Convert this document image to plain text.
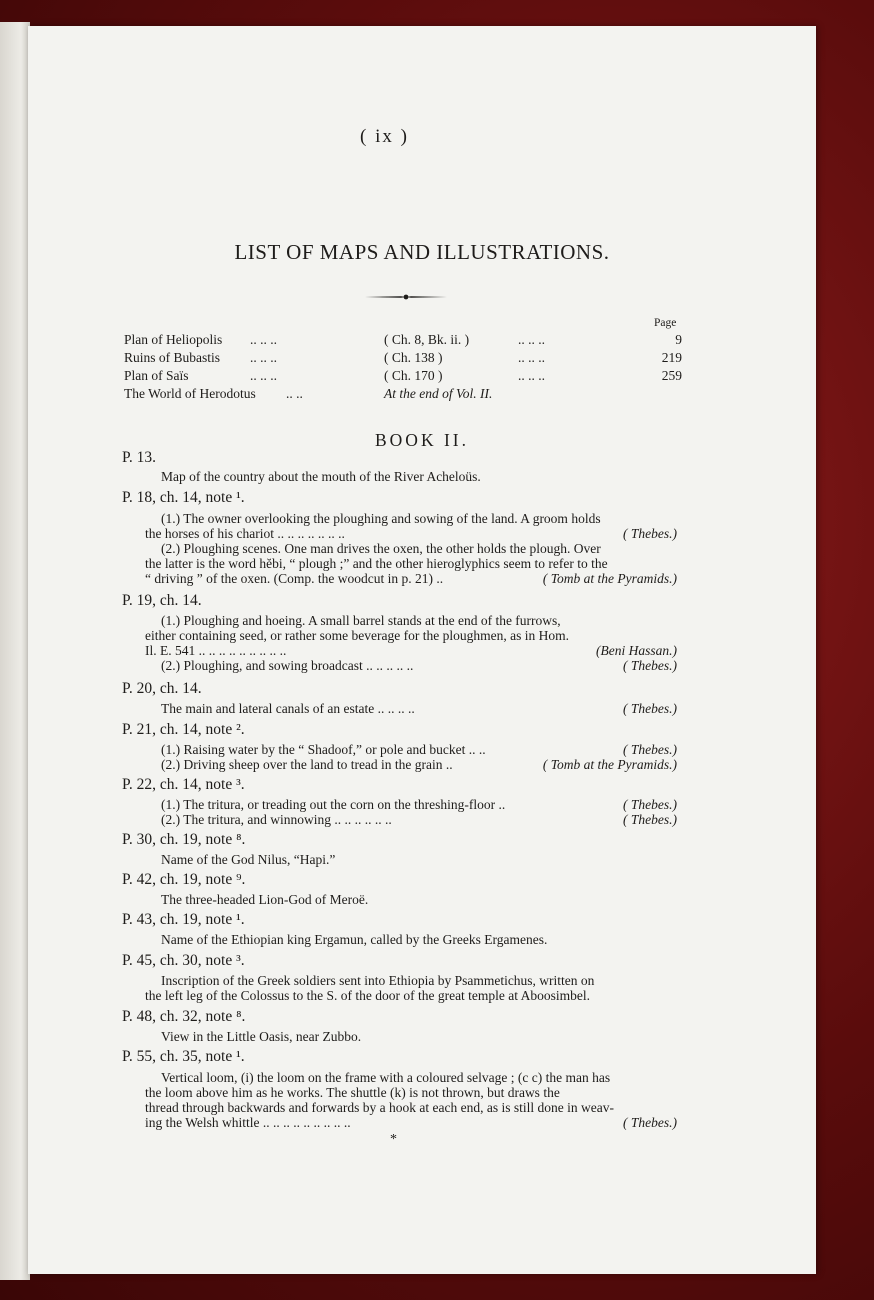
( ix )
LIST OF MAPS AND ILLUSTRATIONS.
Page
Plan of Heliopolis .. .. ..	( Ch. 8, Bk. ii. )	.. .. ..	9
Ruins of Bubastis .. .. ..	( Ch. 138 )	.. .. ..	219
Plan of Saïs	.. .. ..	( Ch. 170 )	.. .. ..	259
The World of Herodotus .. ..	At the end of Vol. II.
BOOK II.
P. 13.
Map of the country about the mouth of the River Acheloüs.
P. 18, ch. 14, note ¹.
(1.) The owner overlooking the ploughing and sowing of the land. A groom holds
the horses of his chariot .. .. .. .. .. .. ..	( Thebes.)
(2.) Ploughing scenes. One man drives the oxen, the other holds the plough. Over
the latter is the word hĕbi, “ plough ;” and the other hieroglyphics seem to refer to the
“ driving ” of the oxen. (Comp. the woodcut in p. 21) ..	( Tomb at the Pyramids.)
P. 19, ch. 14.
(1.) Ploughing and hoeing. A small barrel stands at the end of the furrows,
either containing seed, or rather some beverage for the ploughmen, as in Hom.
Il. E. 541 .. .. .. .. .. .. .. .. ..	(Beni Hassan.)
(2.) Ploughing, and sowing broadcast .. .. .. .. ..	( Thebes.)
P. 20, ch. 14.
The main and lateral canals of an estate .. .. .. ..	( Thebes.)
P. 21, ch. 14, note ².
(1.) Raising water by the “ Shadoof,” or pole and bucket .. ..	( Thebes.)
(2.) Driving sheep over the land to tread in the grain ..	( Tomb at the Pyramids.)
P. 22, ch. 14, note ³.
(1.) The tritura, or treading out the corn on the threshing-floor ..	( Thebes.)
(2.) The tritura, and winnowing .. .. .. .. .. ..	( Thebes.)
P. 30, ch. 19, note ⁸.
Name of the God Nilus, “Hapi.”
P. 42, ch. 19, note ⁹.
The three-headed Lion-God of Meroë.
P. 43, ch. 19, note ¹.
Name of the Ethiopian king Ergamun, called by the Greeks Ergamenes.
P. 45, ch. 30, note ³.
Inscription of the Greek soldiers sent into Ethiopia by Psammetichus, written on
the left leg of the Colossus to the S. of the door of the great temple at Aboosimbel.
P. 48, ch. 32, note ⁸.
View in the Little Oasis, near Zubbo.
P. 55, ch. 35, note ¹.
Vertical loom, (i) the loom on the frame with a coloured selvage ; (c c) the man has
the loom above him as he works. The shuttle (k) is not thrown, but draws the
thread through backwards and forwards by a hook at each end, as is still done in weav-
ing the Welsh whittle .. .. .. .. .. .. .. .. ..	( Thebes.)
*
